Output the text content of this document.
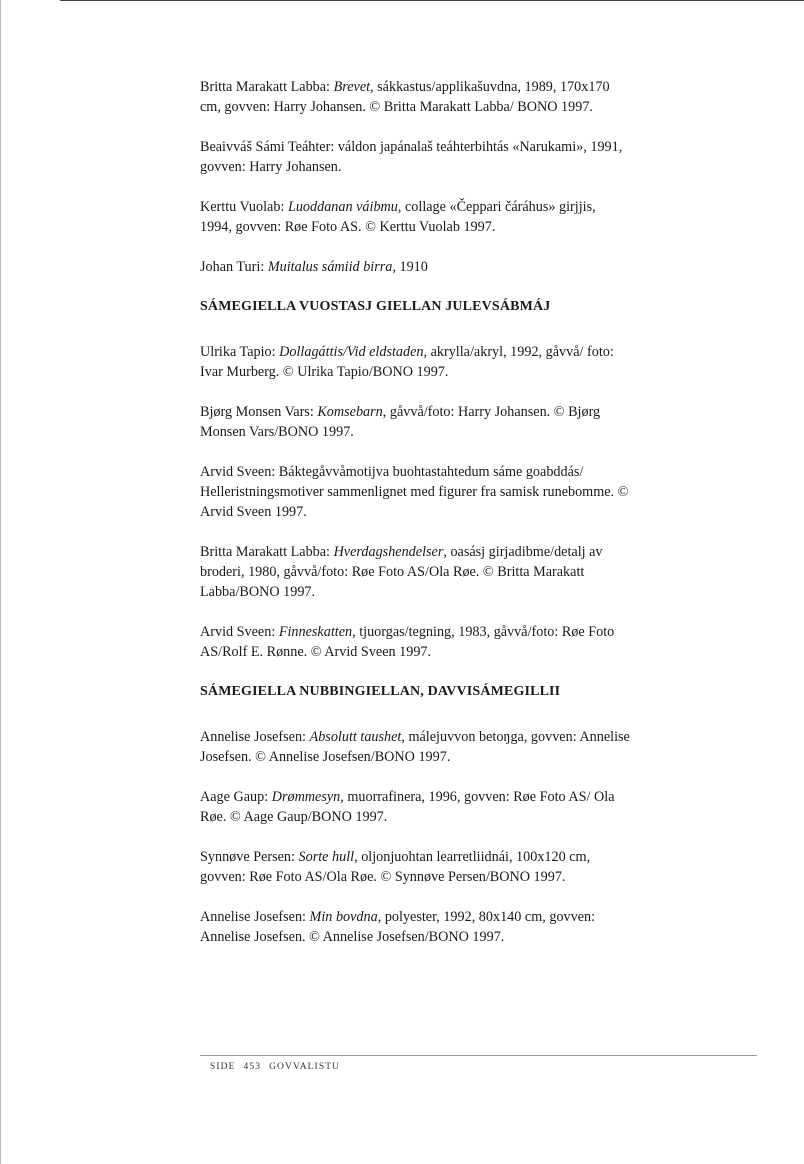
Britta Marakatt Labba: Brevet, sákkastus/applikašuvdna, 1989, 170x170 cm, govven: Harry Johansen. © Britta Marakatt Labba/ BONO 1997.

Beaivváš Sámi Teáhter: váldon japánalaš teáhterbihtás «Narukami», 1991, govven: Harry Johansen.

Kerttu Vuolab: Luoddanan váibmu, collage «Čeppari čáráhus» girjjis, 1994, govven: Røe Foto AS. © Kerttu Vuolab 1997.

Johan Turi: Muitalus sámiid birra, 1910

SÁMEGIELLA VUOSTASJ GIELLAN JULEVSÁBMÁJ

Ulrika Tapio: Dollagáttis/Vid eldstaden, akrylla/akryl, 1992, gåvvå/ foto: Ivar Murberg. © Ulrika Tapio/BONO 1997.

Bjørg Monsen Vars: Komsebarn, gåvvå/foto: Harry Johansen. © Bjørg Monsen Vars/BONO 1997.

Arvid Sveen: Báktegåvvåmotijva buohtastahtedum sáme goabddás/ Helleristningsmotiver sammenlignet med figurer fra samisk runebomme. © Arvid Sveen 1997.

Britta Marakatt Labba: Hverdagshendelser, oasásj girjadibme/detalj av broderi, 1980, gåvvå/foto: Røe Foto AS/Ola Røe. © Britta Marakatt Labba/BONO 1997.

Arvid Sveen: Finneskatten, tjuorgas/tegning, 1983, gåvvå/foto: Røe Foto AS/Rolf E. Rønne. © Arvid Sveen 1997.

SÁMEGIELLA NUBBINGIELLAN, DAVVISÁMEGILLII

Annelise Josefsen: Absolutt taushet, málejuvvon betoŋga, govven: Annelise Josefsen. © Annelise Josefsen/BONO 1997.

Aage Gaup: Drømmesyn, muorrafinera, 1996, govven: Røe Foto AS/ Ola Røe. © Aage Gaup/BONO 1997.

Synnøve Persen: Sorte hull, oljonjuohtan learretliidnái, 100x120 cm, govven: Røe Foto AS/Ola Røe. © Synnøve Persen/BONO 1997.

Annelise Josefsen: Min bovdna, polyester, 1992, 80x140 cm, govven: Annelise Josefsen. © Annelise Josefsen/BONO 1997.

SIDE 453 GOVVALISTU
